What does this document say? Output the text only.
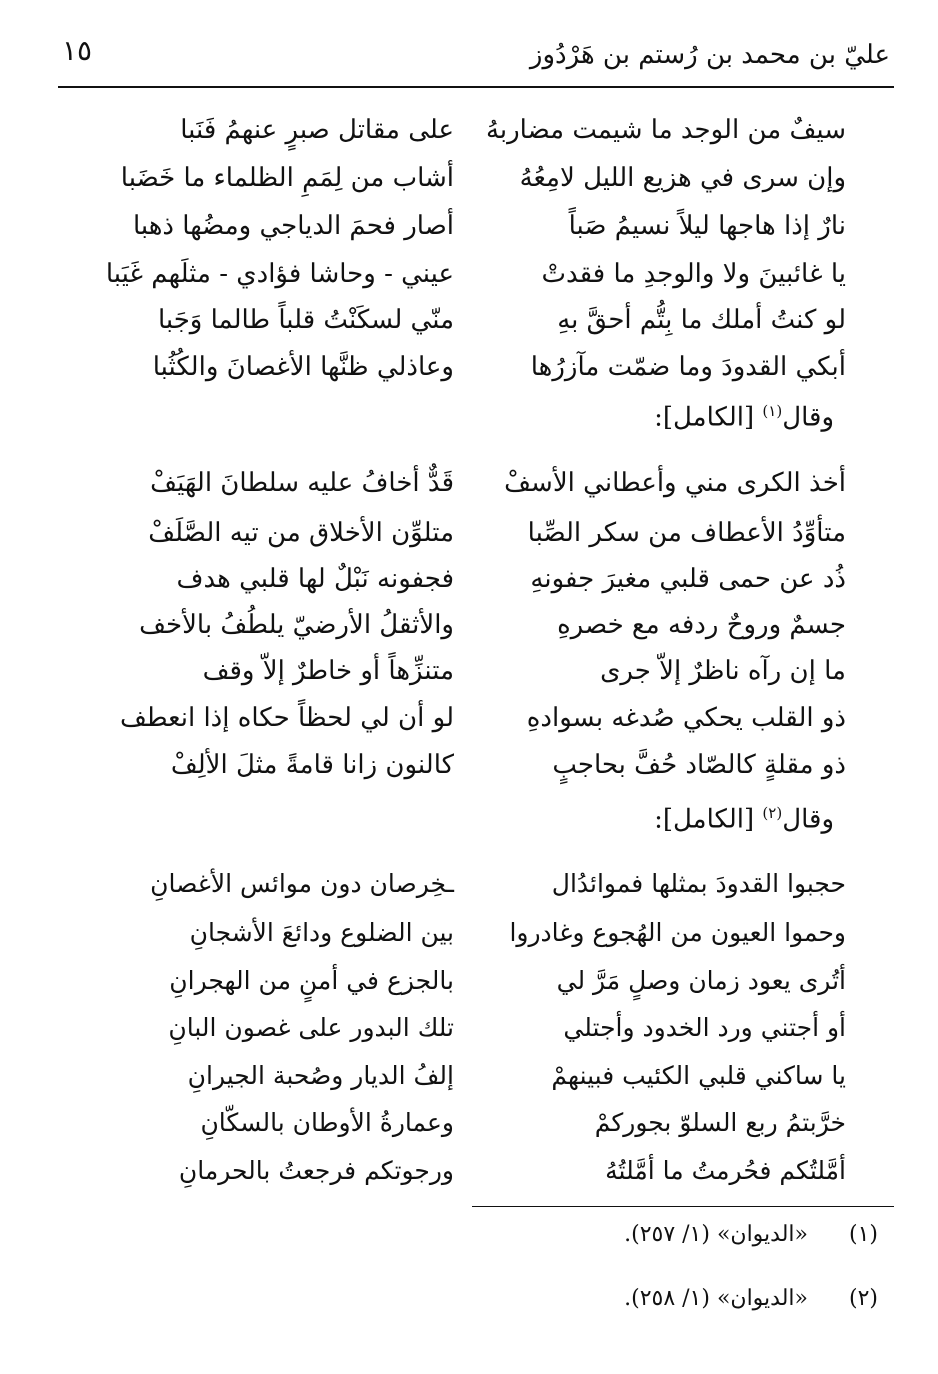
١٥	عليّ بن محمد بن رُستم بن هَرْدُوز
سيفٌ من الوجد ما شيمت مضاربهُ
على مقاتل صبرٍ عنهمُ فَنَبا
وإن سرى في هزيع الليل لامِعُهُ
أشاب من لِمَمِ الظلماء ما خَضَبا
نارٌ إذا هاجها ليلاً نسيمُ صَباً
أصار فحمَ الدياجي ومضُها ذهبا
يا غائبينَ ولا والوجدِ ما فقدتْ
عيني - وحاشا فؤادي - مثلَهم غَيَبا
لو كنتُ أملك ما بِتُّم أحقَّ بهِ
منّي لسكَنْتُ قلباً طالما وَجَبا
أبكي القدودَ وما ضمّت مآزرُها
وعاذلي ظنَّها الأغصانَ والكُثُبا
وقال$^{(١)}$ [الكامل]:
أخذ الكرى مني وأعطاني الأسفْ
قَدٌّ أخافُ عليه سلطانَ الهَيَفْ
متأوِّدُ الأعطاف من سكر الصِّبا
متلوِّن الأخلاق من تيه الصَّلَفْ
ذُد عن حمى قلبي مغيرَ جفونهِ
فجفونه نَبْلٌ لها قلبي هدف
جسمٌ وروحٌ ردفه مع خصرهِ
والأثقلُ الأرضيّ يلطُفُ بالأخف
ما إن رآه ناظرٌ إلاّ جرى
متنزِّهاً أو خاطرٌ إلاّ وقف
ذو القلب يحكي صُدغه بسوادهِ
لو أن لي لحظاً حكاه إذا انعطف
ذو مقلةٍ كالصّاد حُفَّ بحاجبٍ
كالنون زانا قامةً مثلَ الألِفْ
وقال$^{(٢)}$ [الكامل]:
حجبوا القدودَ بمثلها فموائدُال
ـخِرصان دون موائس الأغصانِ
وحموا العيون من الهُجوع وغادروا
بين الضلوع ودائعَ الأشجانِ
أتُرى يعود زمان وصلٍ مَرَّ لي
بالجزع في أمنٍ من الهجرانِ
أو أجتني ورد الخدود وأجتلي
تلك البدور على غصون البانِ
يا ساكني قلبي الكئيب فبينهمْ
إلفُ الديار وصُحبة الجيرانِ
خرَّبتمُ ربع السلوّ بجوركمْ
وعمارةُ الأوطان بالسكّانِ
أمَّلتُكم فحُرمتُ ما أمَّلتُهُ
ورجوتكم فرجعتُ بالحرمانِ
(١)
«الديوان» (١/ ٢٥٧).
(٢)
«الديوان» (١/ ٢٥٨).
